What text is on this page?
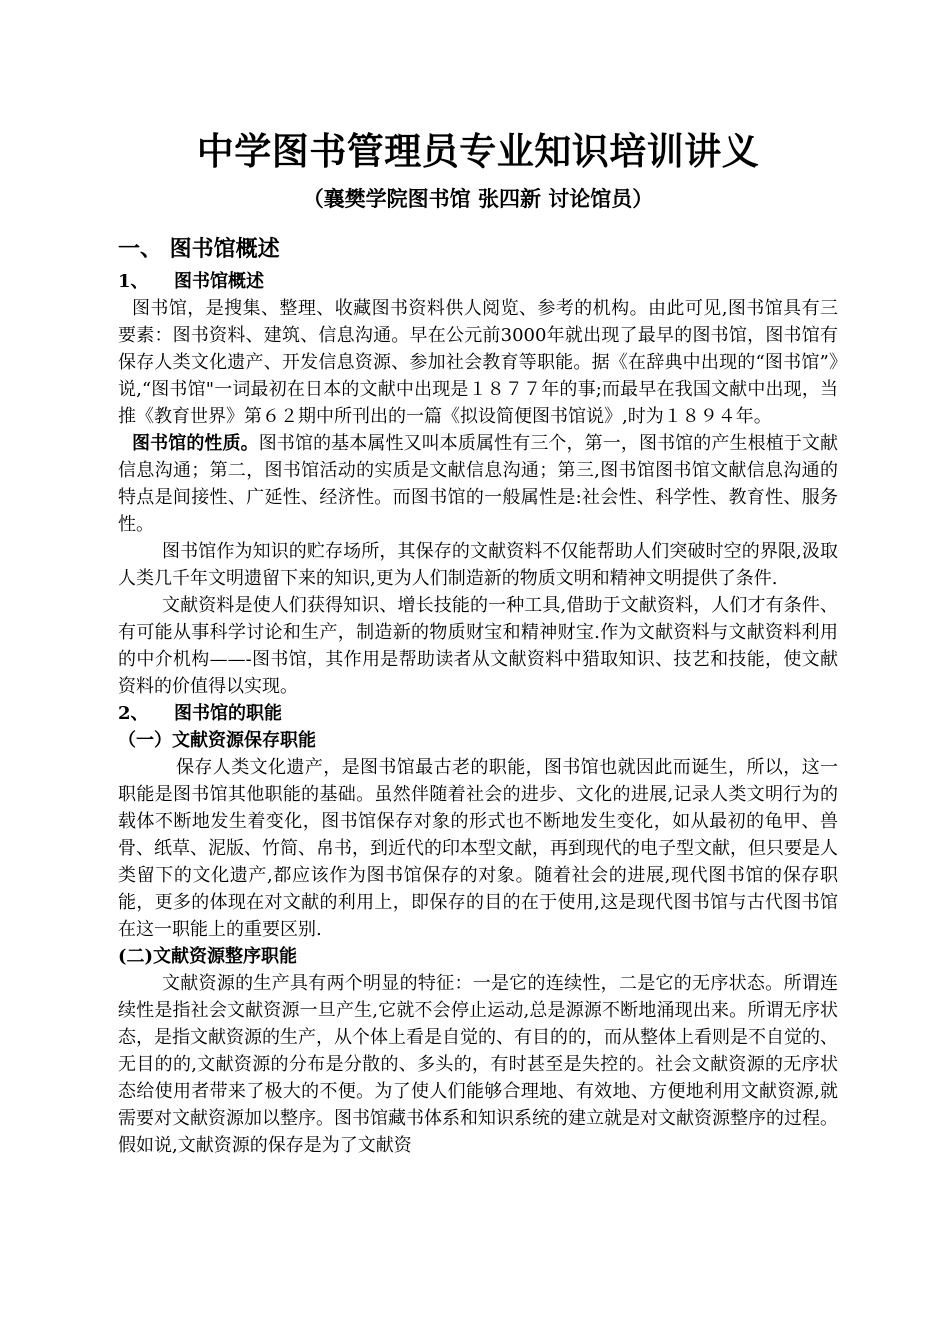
中学图书管理员专业知识培训讲义
（襄樊学院图书馆 张四新 讨论馆员）
一、 图书馆概述
1、 图书馆概述

图书馆，是搜集、整理、收藏图书资料供人阅览、参考的机构。由此可见,图书馆具有三要素：图书资料、建筑、信息沟通。早在公元前3000年就出现了最早的图书馆，图书馆有保存人类文化遗产、开发信息资源、参加社会教育等职能。据《在辞典中出现的“图书馆”》说,“图书馆"一词最初在日本的文献中出现是１８７７年的事;而最早在我国文献中出现，当推《教育世界》第６２期中所刊出的一篇《拟设简便图书馆说》,时为１８９４年。

图书馆的性质。图书馆的基本属性又叫本质属性有三个，第一，图书馆的产生根植于文献信息沟通；第二，图书馆活动的实质是文献信息沟通；第三,图书馆图书馆文献信息沟通的特点是间接性、广延性、经济性。而图书馆的一般属性是:社会性、科学性、教育性、服务性。

图书馆作为知识的贮存场所，其保存的文献资料不仅能帮助人们突破时空的界限,汲取人类几千年文明遗留下来的知识,更为人们制造新的物质文明和精神文明提供了条件.

文献资料是使人们获得知识、增长技能的一种工具,借助于文献资料，人们才有条件、有可能从事科学讨论和生产，制造新的物质财宝和精神财宝.作为文献资料与文献资料利用的中介机构——-图书馆，其作用是帮助读者从文献资料中猎取知识、技艺和技能，使文献资料的价值得以实现。

2、 图书馆的职能
（一）文献资源保存职能

保存人类文化遗产，是图书馆最古老的职能，图书馆也就因此而诞生，所以，这一职能是图书馆其他职能的基础。虽然伴随着社会的进步、文化的进展,记录人类文明行为的载体不断地发生着变化，图书馆保存对象的形式也不断地发生变化，如从最初的龟甲、兽骨、纸草、泥版、竹简、帛书，到近代的印本型文献，再到现代的电子型文献，但只要是人类留下的文化遗产,都应该作为图书馆保存的对象。随着社会的进展,现代图书馆的保存职能，更多的体现在对文献的利用上，即保存的目的在于使用,这是现代图书馆与古代图书馆在这一职能上的重要区别.

(二)文献资源整序职能

文献资源的生产具有两个明显的特征：一是它的连续性，二是它的无序状态。所谓连续性是指社会文献资源一旦产生,它就不会停止运动,总是源源不断地涌现出来。所谓无序状态，是指文献资源的生产，从个体上看是自觉的、有目的的，而从整体上看则是不自觉的、无目的的,文献资源的分布是分散的、多头的，有时甚至是失控的。社会文献资源的无序状态给使用者带来了极大的不便。为了使人们能够合理地、有效地、方便地利用文献资源,就需要对文献资源加以整序。图书馆藏书体系和知识系统的建立就是对文献资源整序的过程。假如说,文献资源的保存是为了文献资
